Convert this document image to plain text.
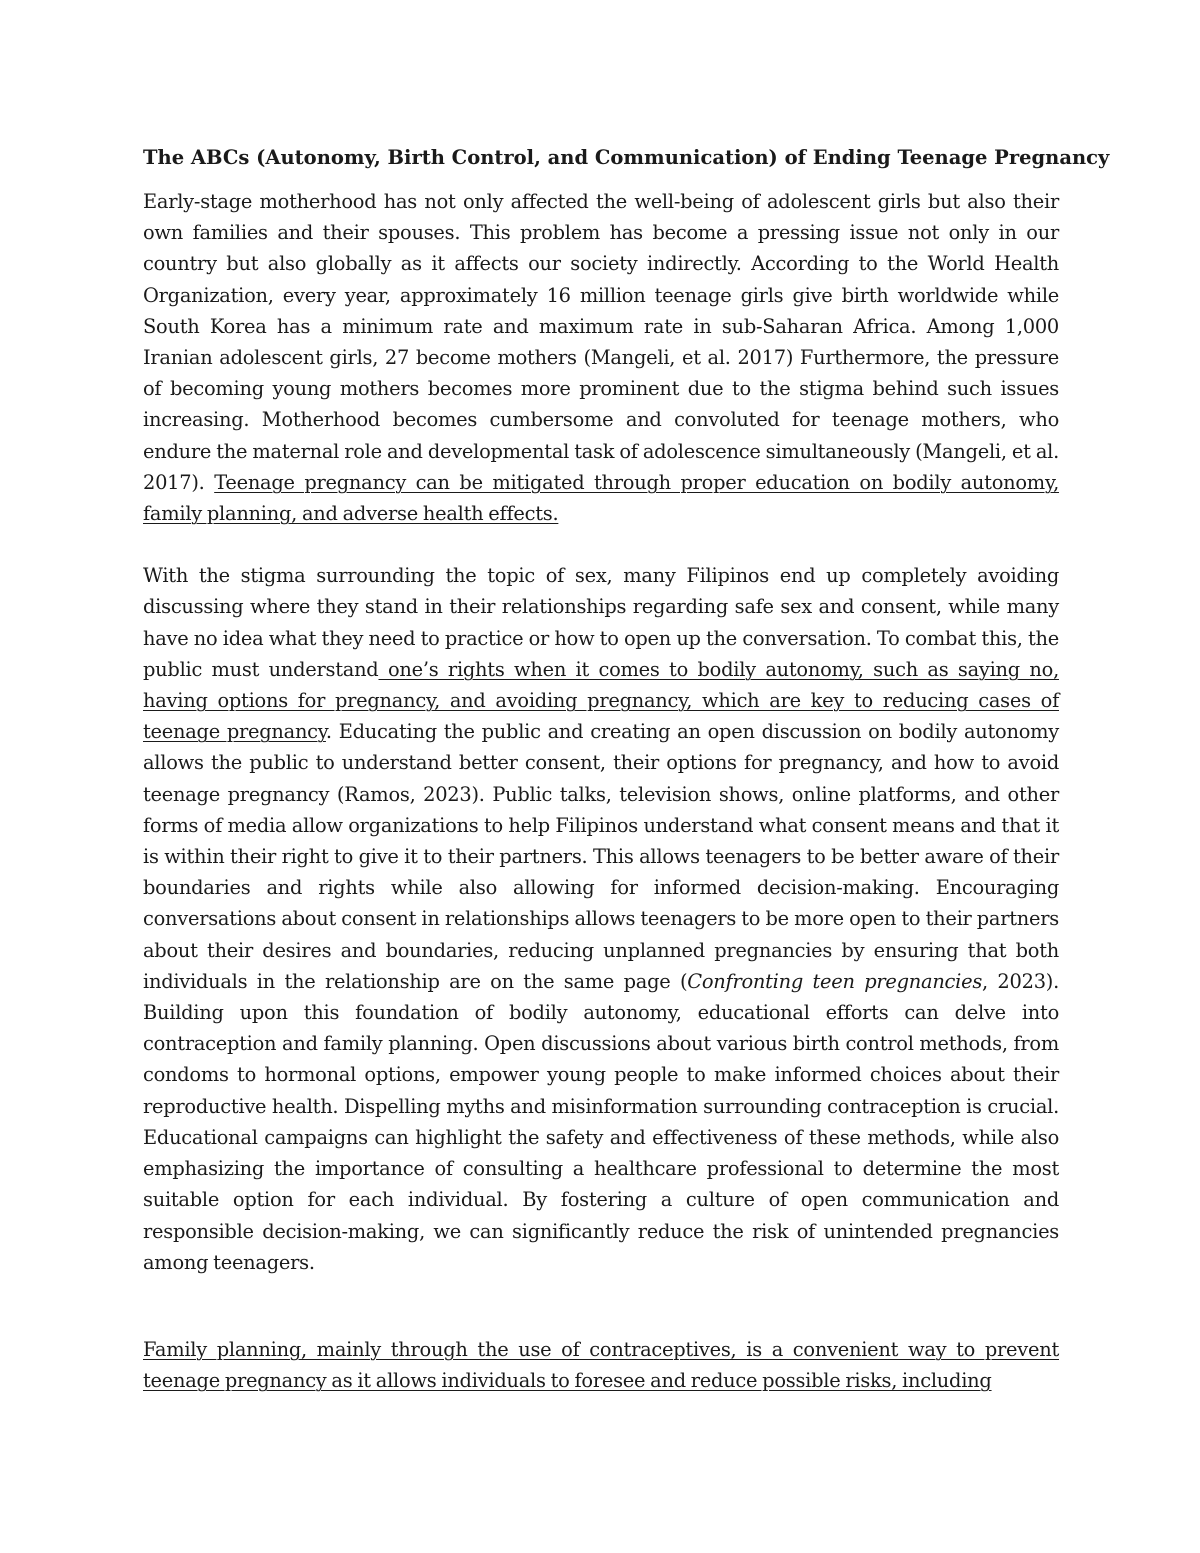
The ABCs (Autonomy, Birth Control, and Communication) of Ending Teenage Pregnancy

Early-stage motherhood has not only affected the well-being of adolescent girls but also their own families and their spouses. This problem has become a pressing issue not only in our country but also globally as it affects our society indirectly. According to the World Health Organization, every year, approximately 16 million teenage girls give birth worldwide while South Korea has a minimum rate and maximum rate in sub-Saharan Africa. Among 1,000 Iranian adolescent girls, 27 become mothers (Mangeli, et al. 2017) Furthermore, the pressure of becoming young mothers becomes more prominent due to the stigma behind such issues increasing. Motherhood becomes cumbersome and convoluted for teenage mothers, who endure the maternal role and developmental task of adolescence simultaneously (Mangeli, et al. 2017). Teenage pregnancy can be mitigated through proper education on bodily autonomy, family planning, and adverse health effects.

With the stigma surrounding the topic of sex, many Filipinos end up completely avoiding discussing where they stand in their relationships regarding safe sex and consent, while many have no idea what they need to practice or how to open up the conversation. To combat this, the public must understand one’s rights when it comes to bodily autonomy, such as saying no, having options for pregnancy, and avoiding pregnancy, which are key to reducing cases of teenage pregnancy. Educating the public and creating an open discussion on bodily autonomy allows the public to understand better consent, their options for pregnancy, and how to avoid teenage pregnancy (Ramos, 2023). Public talks, television shows, online platforms, and other forms of media allow organizations to help Filipinos understand what consent means and that it is within their right to give it to their partners. This allows teenagers to be better aware of their boundaries and rights while also allowing for informed decision-making. Encouraging conversations about consent in relationships allows teenagers to be more open to their partners about their desires and boundaries, reducing unplanned pregnancies by ensuring that both individuals in the relationship are on the same page (Confronting teen pregnancies, 2023). Building upon this foundation of bodily autonomy, educational efforts can delve into contraception and family planning. Open discussions about various birth control methods, from condoms to hormonal options, empower young people to make informed choices about their reproductive health. Dispelling myths and misinformation surrounding contraception is crucial. Educational campaigns can highlight the safety and effectiveness of these methods, while also emphasizing the importance of consulting a healthcare professional to determine the most suitable option for each individual. By fostering a culture of open communication and responsible decision-making, we can significantly reduce the risk of unintended pregnancies among teenagers.

Family planning, mainly through the use of contraceptives, is a convenient way to prevent teenage pregnancy as it allows individuals to foresee and reduce possible risks, including
